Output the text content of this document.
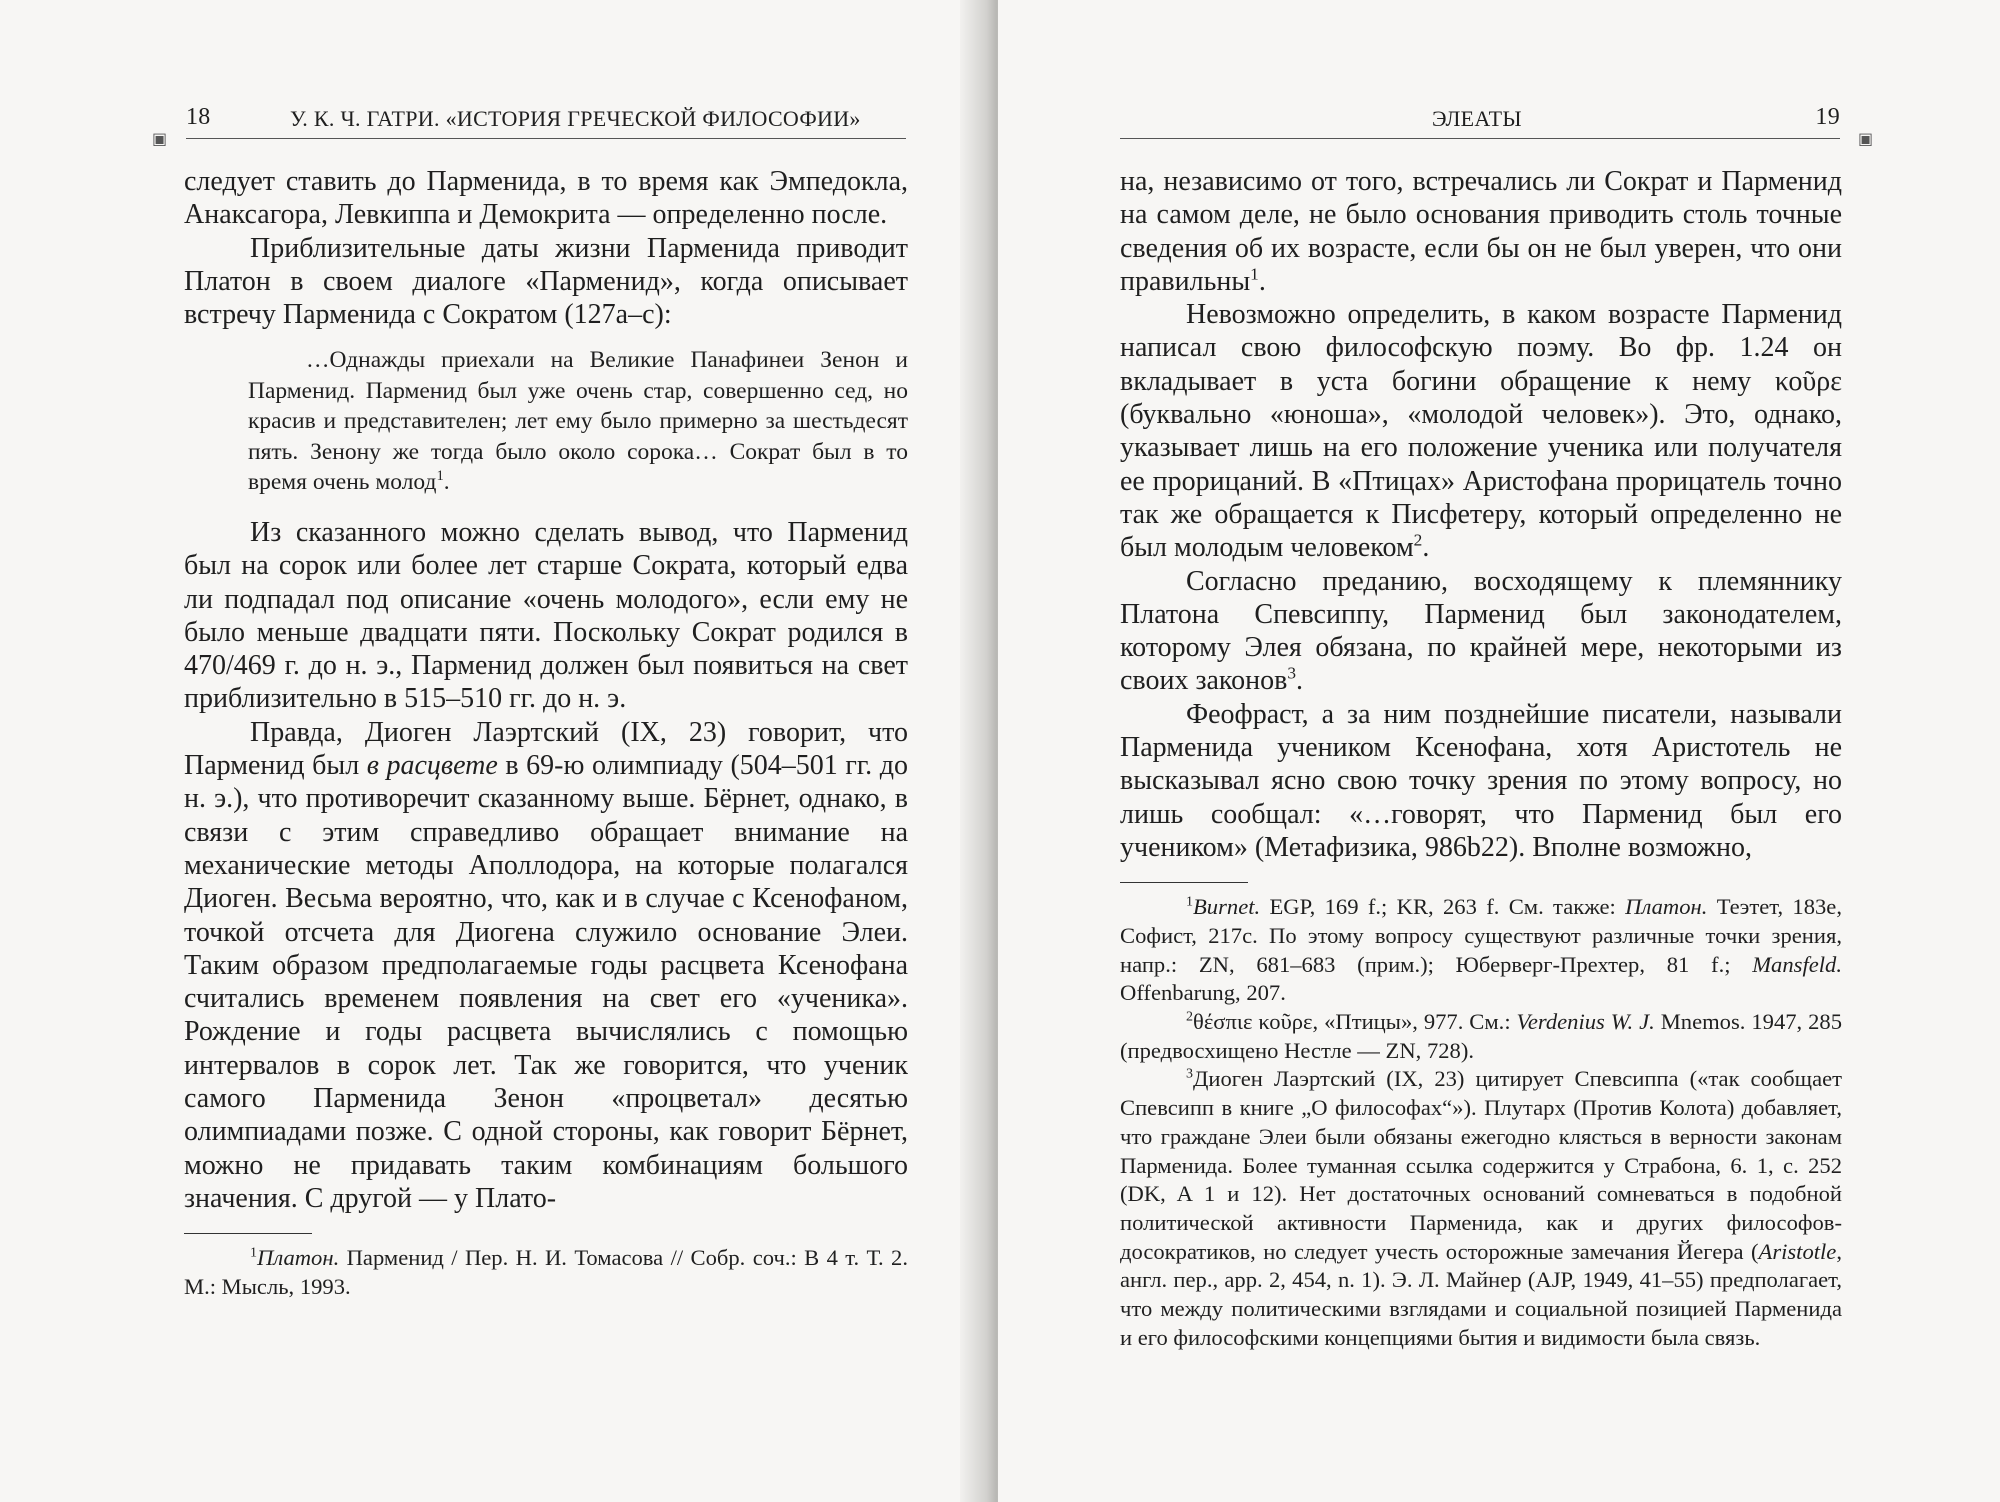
18	У. К. Ч. ГАТРИ. «ИСТОРИЯ ГРЕЧЕСКОЙ ФИЛОСОФИИ»
▣

следует ставить до Парменида, в то время как Эмпедокла, Анаксагора, Левкиппа и Демокрита — определенно после.

Приблизительные даты жизни Парменида приводит Платон в своем диалоге «Парменид», когда описывает встречу Парменида с Сократом (127а–с):

…Однажды приехали на Великие Панафинеи Зенон и Парменид. Парменид был уже очень стар, совершенно сед, но красив и представителен; лет ему было примерно за шестьдесят пять. Зенону же тогда было около сорока… Сократ был в то время очень молод$^1$.

Из сказанного можно сделать вывод, что Парменид был на сорок или более лет старше Сократа, который едва ли подпадал под описание «очень молодого», если ему не было меньше двадцати пяти. Поскольку Сократ родился в 470/469 г. до н. э., Парменид должен был появиться на свет приблизительно в 515–510 гг. до н. э.

Правда, Диоген Лаэртский (IX, 23) говорит, что Парменид был в расцвете в 69-ю олимпиаду (504–501 гг. до н. э.), что противоречит сказанному выше. Бёрнет, однако, в связи с этим справедливо обращает внимание на механические методы Аполлодора, на которые полагался Диоген. Весьма вероятно, что, как и в случае с Ксенофаном, точкой отсчета для Диогена служило основание Элеи. Таким образом предполагаемые годы расцвета Ксенофана считались временем появления на свет его «ученика». Рождение и годы расцвета вычислялись с помощью интервалов в сорок лет. Так же говорится, что ученик самого Парменида Зенон «процветал» десятью олимпиадами позже. С одной стороны, как говорит Бёрнет, можно не придавать таким комбинациям большого значения. С другой — у Плато-

$^1$Платон. Парменид / Пер. Н. И. Томасова // Собр. соч.: В 4 т. Т. 2. М.: Мысль, 1993.

ЭЛЕАТЫ	19
▣

на, независимо от того, встречались ли Сократ и Парменид на самом деле, не было основания приводить столь точные сведения об их возрасте, если бы он не был уверен, что они правильны$^1$.

Невозможно определить, в каком возрасте Парменид написал свою философскую поэму. Во фр. 1.24 он вкладывает в уста богини обращение к нему κοῦρε (буквально «юноша», «молодой человек»). Это, однако, указывает лишь на его положение ученика или получателя ее прорицаний. В «Птицах» Аристофана прорицатель точно так же обращается к Писфетеру, который определенно не был молодым человеком$^2$.

Согласно преданию, восходящему к племяннику Платона Спевсиппу, Парменид был законодателем, которому Элея обязана, по крайней мере, некоторыми из своих законов$^3$.

Феофраст, а за ним позднейшие писатели, называли Парменида учеником Ксенофана, хотя Аристотель не высказывал ясно свою точку зрения по этому вопросу, но лишь сообщал: «…говорят, что Парменид был его учеником» (Метафизика, 986b22). Вполне возможно,

$^1$Burnet. EGP, 169 f.; KR, 263 f. См. также: Платон. Теэтет, 183е, Софист, 217с. По этому вопросу существуют различные точки зрения, напр.: ZN, 681–683 (прим.); Юберверг-Прехтер, 81 f.; Mansfeld. Offenbarung, 207.

$^2$θέσπιε κοῦρε, «Птицы», 977. См.: Verdenius W. J. Mnemos. 1947, 285 (предвосхищено Нестле — ZN, 728).

$^3$Диоген Лаэртский (IX, 23) цитирует Спевсиппа («так сообщает Спевсипп в книге „О философах“»). Плутарх (Против Колота) добавляет, что граждане Элеи были обязаны ежегодно клясться в верности законам Парменида. Более туманная ссылка содержится у Страбона, 6. 1, с. 252 (DK, A 1 и 12). Нет достаточных оснований сомневаться в подобной политической активности Парменида, как и других философов-досократиков, но следует учесть осторожные замечания Йегера (Aristotle, англ. пер., app. 2, 454, n. 1). Э. Л. Майнер (AJP, 1949, 41–55) предполагает, что между политическими взглядами и социальной позицией Парменида и его философскими концепциями бытия и видимости была связь.
